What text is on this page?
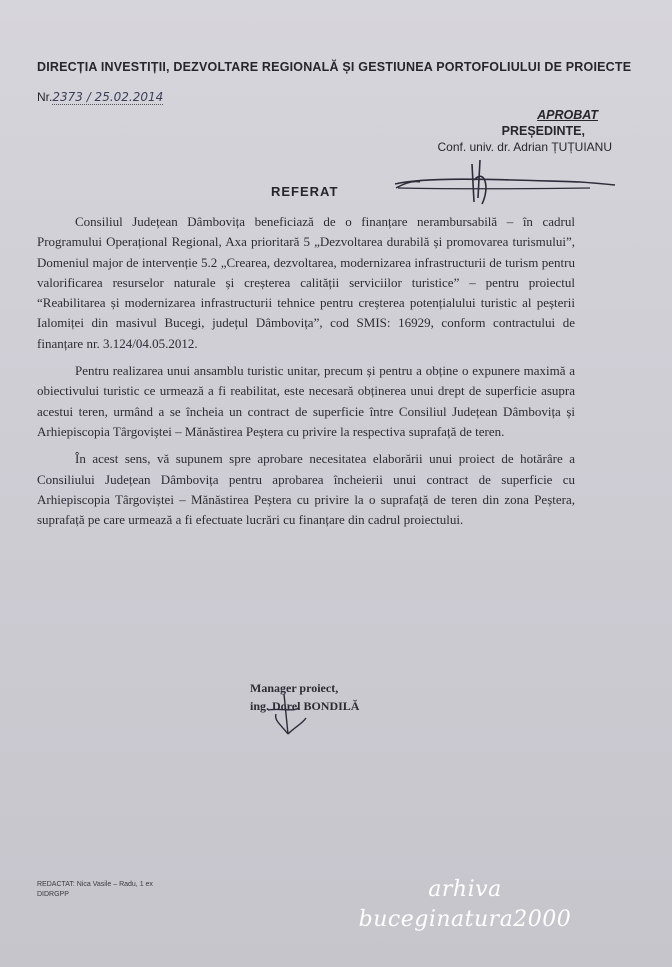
DIRECȚIA INVESTIȚII, DEZVOLTARE REGIONALĂ ȘI GESTIUNEA PORTOFOLIULUI DE PROIECTE
Nr.2373 / 25.02.2014
APROBAT
PREȘEDINTE,
Conf. univ. dr. Adrian ȚUȚUIANU
REFERAT

Consiliul Județean Dâmbovița beneficiază de o finanțare nerambursabilă – în cadrul Programului Operațional Regional, Axa prioritară 5 „Dezvoltarea durabilă și promovarea turismului”, Domeniul major de intervenție 5.2 „Crearea, dezvoltarea, modernizarea infrastructurii de turism pentru valorificarea resurselor naturale și creșterea calității serviciilor turistice” – pentru proiectul “Reabilitarea și modernizarea infrastructurii tehnice pentru creșterea potențialului turistic al peșterii Ialomiței din masivul Bucegi, județul Dâmbovița”, cod SMIS: 16929, conform contractului de finanțare nr. 3.124/04.05.2012.

Pentru realizarea unui ansamblu turistic unitar, precum și pentru a obține o expunere maximă a obiectivului turistic ce urmează a fi reabilitat, este necesară obținerea unui drept de superficie asupra acestui teren, urmând a se încheia un contract de superficie între Consiliul Județean Dâmbovița și Arhiepiscopia Târgoviștei – Mănăstirea Peștera cu privire la respectiva suprafață de teren.

În acest sens, vă supunem spre aprobare necesitatea elaborării unui proiect de hotărâre a Consiliului Județean Dâmbovița pentru aprobarea încheierii unui contract de superficie cu Arhiepiscopia Târgoviștei – Mănăstirea Peștera cu privire la o suprafață de teren din zona Peștera, suprafață pe care urmează a fi efectuate lucrări cu finanțare din cadrul proiectului.

Manager proiect,
ing. Dorel BONDILĂ
REDACTAT: Nica Vasile – Radu, 1 ex
DIDRGPP	arhiva
buceginatura2000
